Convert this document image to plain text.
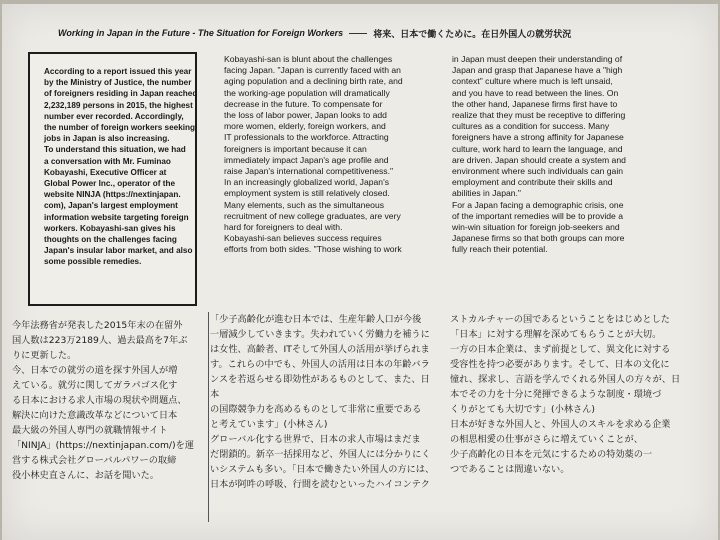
Working in Japan in the Future - The Situation for Foreign Workers	将来、日本で働くために。在日外国人の就労状況
According to a report issued this year
by the Ministry of Justice, the number
of foreigners residing in Japan reached
2,232,189 persons in 2015, the highest
number ever recorded. Accordingly,
the number of foreign workers seeking
jobs in Japan is also increasing.
To understand this situation, we had
a conversation with Mr. Fuminao
Kobayashi, Executive Officer at
Global Power Inc., operator of the
website NINJA (https://nextinjapan.
com), Japan's largest employment
information website targeting foreign
workers. Kobayashi-san gives his
thoughts on the challenges facing
Japan's insular labor market, and also
some possible remedies.
Kobayashi-san is blunt about the challenges
facing Japan. "Japan is currently faced with an
aging population and a declining birth rate, and
the working-age population will dramatically
decrease in the future. To compensate for
the loss of labor power, Japan looks to add
more women, elderly, foreign workers, and
IT professionals to the workforce. Attracting
foreigners is important because it can
immediately impact Japan's age profile and
raise Japan's international competitiveness."
In an increasingly globalized world, Japan's
employment system is still relatively closed.
Many elements, such as the simultaneous
recruitment of new college graduates, are very
hard for foreigners to deal with.
Kobayashi-san believes success requires
efforts from both sides. "Those wishing to work
in Japan must deepen their understanding of
Japan and grasp that Japanese have a "high
context" culture where much is left unsaid,
and you have to read between the lines. On
the other hand, Japanese firms first have to
realize that they must be receptive to differing
cultures as a condition for success. Many
foreigners have a strong affinity for Japanese
culture, work hard to learn the language, and
are driven. Japan should create a system and
environment where such individuals can gain
employment and contribute their skills and
abilities in Japan."
For a Japan facing a demographic crisis, one
of the important remedies will be to provide a
win-win situation for foreign job-seekers and
Japanese firms so that both groups can more
fully reach their potential.
今年法務省が発表した2015年末の在留外
国人数は223万2189人、過去最高を7年ぶ
りに更新した。
今、日本での就労の道を探す外国人が増
えている。就労に関してガラパゴス化す
る日本における求人市場の現状や問題点、
解決に向けた意識改革などについて日本
最大級の外国人専門の就職情報サイト
「NINJA」(https://nextinjapan.com/)を運
営する株式会社グローバルパワーの取締
役小林史直さんに、お話を聞いた。
「少子高齢化が進む日本では、生産年齢人口が今後
一層減少していきます。失われていく労働力を補うに
は女性、高齢者、ITそして外国人の活用が挙げられま
す。これらの中でも、外国人の活用は日本の年齢バラ
ンスを若返らせる即効性があるものとして、また、日本
の国際競争力を高めるものとして非常に重要である
と考えています」(小林さん)
グローバル化する世界で、日本の求人市場はまだま
だ閉鎖的。新卒一括採用など、外国人には分かりにく
いシステムも多い。「日本で働きたい外国人の方には、
日本が阿吽の呼吸、行間を読むといったハイコンテク
ストカルチャーの国であるということをはじめとした
「日本」に対する理解を深めてもらうことが大切。
一方の日本企業は、まず前提として、異文化に対する
受容性を持つ必要があります。そして、日本の文化に
憧れ、探求し、言語を学んでくれる外国人の方々が、日
本でその力を十分に発揮できるような制度・環境づ
くりがとても大切です」(小林さん)
日本が好きな外国人と、外国人のスキルを求める企業
の相思相愛の仕事がさらに増えていくことが、
少子高齢化の日本を元気にするための特効薬の一
つであることは間違いない。
